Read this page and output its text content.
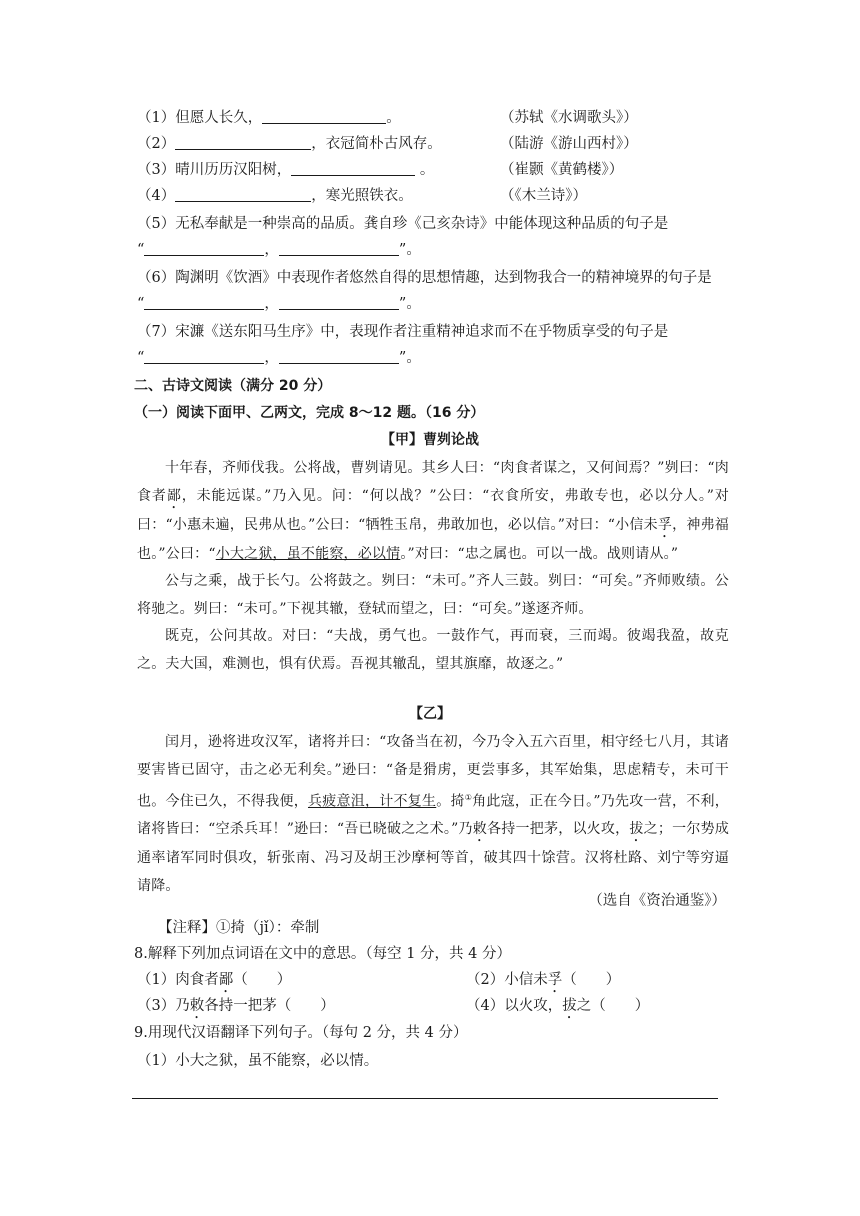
（1）但愿人长久，	。	（苏轼《水调歌头》）
（2）	，衣冠简朴古风存。	（陆游《游山西村》）
（3）晴川历历汉阳树，	。	（崔颢《黄鹤楼》）
（4）	，寒光照铁衣。	（《木兰诗》）
（5）无私奉献是一种崇高的品质。龚自珍《己亥杂诗》中能体现这种品质的句子是
“	，	”。
（6）陶渊明《饮酒》中表现作者悠然自得的思想情趣，达到物我合一的精神境界的句子是
“	，	”。
（7）宋濂《送东阳马生序》中，表现作者注重精神追求而不在乎物质享受的句子是
“	，	”。
二、古诗文阅读（满分 20 分）
（一）阅读下面甲、乙两文，完成 8～12 题。（16 分）
【甲】曹刿论战

十年春，齐师伐我。公将战，曹刿请见。其乡人曰：“肉食者谋之，又何间焉？”刿曰：“肉食者鄙，未能远谋。”乃入见。问：“何以战？”公曰：“衣食所安，弗敢专也，必以分人。”对曰：“小惠未遍，民弗从也。”公曰：“牺牲玉帛，弗敢加也，必以信。”对曰：“小信未孚，神弗福也。”公曰：“小大之狱，虽不能察，必以情。”对曰：“忠之属也。可以一战。战则请从。”

公与之乘，战于长勺。公将鼓之。刿曰：“未可。”齐人三鼓。刿曰：“可矣。”齐师败绩。公将驰之。刿曰：“未可。”下视其辙，登轼而望之，曰：“可矣。”遂逐齐师。

既克，公问其故。对曰：“夫战，勇气也。一鼓作气，再而衰，三而竭。彼竭我盈，故克之。夫大国，难测也，惧有伏焉。吾视其辙乱，望其旗靡，故逐之。”

【乙】

闰月，逊将进攻汉军，诸将并曰：“攻备当在初，今乃令入五六百里，相守经七八月，其诸要害皆已固守，击之必无利矣。”逊曰：“备是猾虏，更尝事多，其军始集，思虑精专，未可干也。今住已久，不得我便，兵疲意沮，计不复生。掎①角此寇，正在今日。”乃先攻一营，不利，诸将皆曰：“空杀兵耳！”逊曰：“吾已晓破之之术。”乃敕各持一把茅，以火攻，拔之；一尔势成通率诸军同时俱攻，斩张南、冯习及胡王沙摩柯等首，破其四十馀营。汉将杜路、刘宁等穷逼请降。

（选自《资治通鉴》）
【注释】①掎（jǐ）：牵制
8.解释下列加点词语在文中的意思。（每空 1 分，共 4 分）
（1）肉食者鄙（　　）	（2）小信未孚（　　）
（3）乃敕各持一把茅（　　）	（4）以火攻，拔之（　　）
9.用现代汉语翻译下列句子。（每句 2 分，共 4 分）
（1）小大之狱，虽不能察，必以情。
